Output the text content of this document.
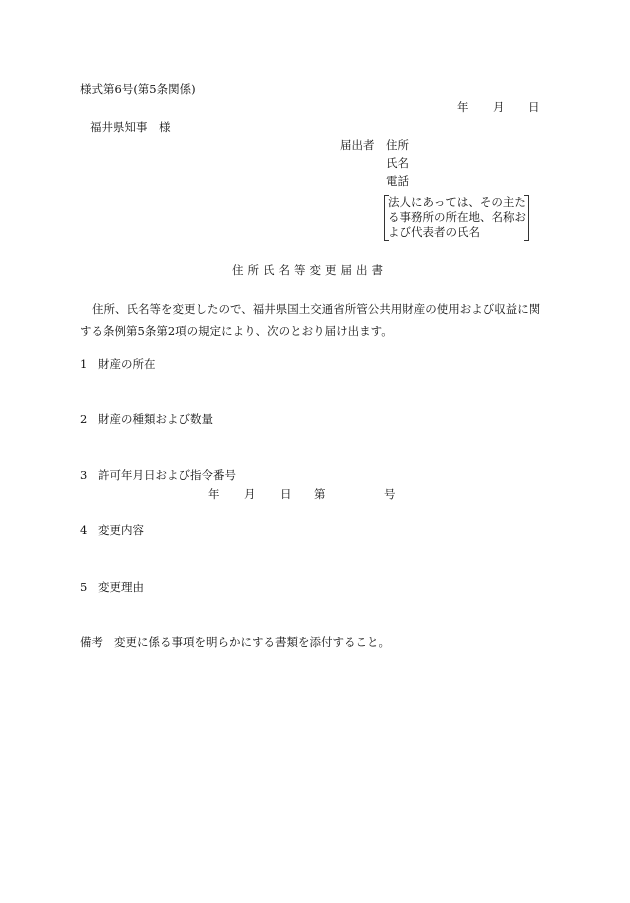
様式第6号(第5条関係)
年 月 日
福井県知事　様
届出者 住所
氏名
電話
法人にあっては、その主たる事務所の所在地、名称および代表者の氏名
住所氏名等変更届出書
住所、氏名等を変更したので、福井県国土交通省所管公共用財産の使用および収益に関する条例第5条第2項の規定により、次のとおり届け出ます。
1 財産の所在
2 財産の種類および数量
3 許可年月日および指令番号
年 月 日 第	号
4 変更内容
5 変更理由
備考 変更に係る事項を明らかにする書類を添付すること。
